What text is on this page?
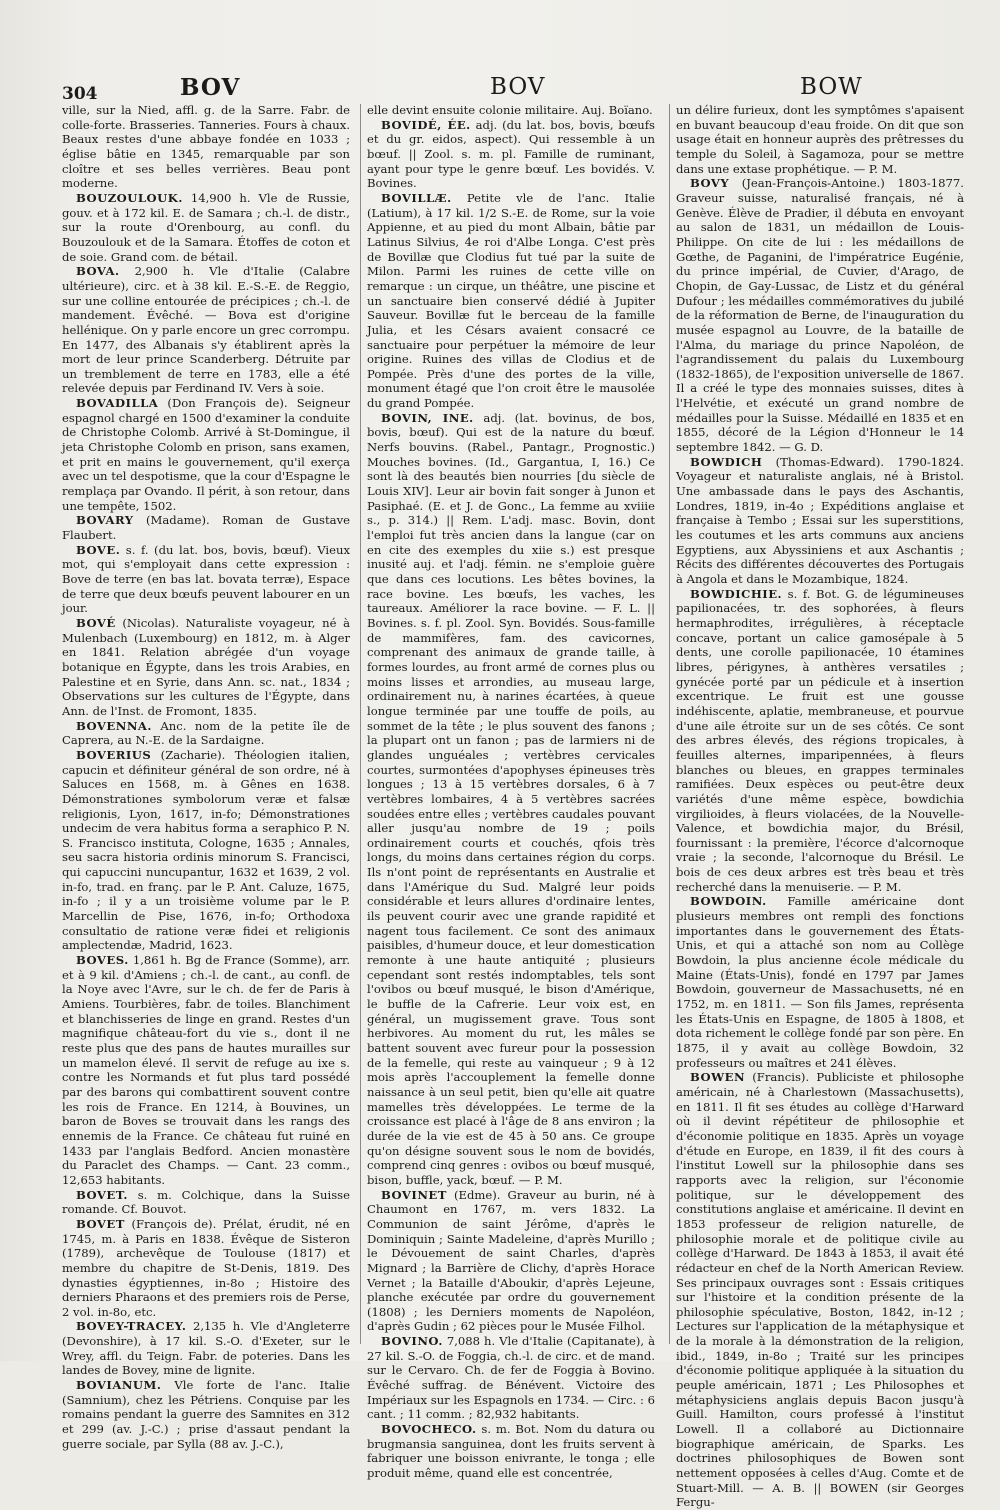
304	BOV	BOV	BOW

ville, sur la Nied, affl. g. de la Sarre. Fabr. de colle-forte. Brasseries. Tanneries. Fours à chaux. Beaux restes d'une abbaye fondée en 1033 ; église bâtie en 1345, remarquable par son cloître et ses belles verrières. Beau pont moderne.

BOUZOULOUK. 14,900 h. Vle de Russie, gouv. et à 172 kil. E. de Samara ; ch.-l. de distr., sur la route d'Orenbourg, au confl. du Bouzoulouk et de la Samara. Étoffes de coton et de soie. Grand com. de bétail.

BOVA. 2,900 h. Vle d'Italie (Calabre ultérieure), circ. et à 38 kil. E.-S.-E. de Reggio, sur une colline entourée de précipices ; ch.-l. de mandement. Évêché. — Bova est d'origine hellénique. On y parle encore un grec corrompu. En 1477, des Albanais s'y établirent après la mort de leur prince Scanderberg. Détruite par un tremblement de terre en 1783, elle a été relevée depuis par Ferdinand IV. Vers à soie.

BOVADILLA (Don François de). Seigneur espagnol chargé en 1500 d'examiner la conduite de Christophe Colomb. Arrivé à St-Domingue, il jeta Christophe Colomb en prison, sans examen, et prit en mains le gouvernement, qu'il exerça avec un tel despotisme, que la cour d'Espagne le remplaça par Ovando. Il périt, à son retour, dans une tempête, 1502.

BOVARY (Madame). Roman de Gustave Flaubert.

BOVE. s. f. (du lat. bos, bovis, bœuf). Vieux mot, qui s'employait dans cette expression : Bove de terre (en bas lat. bovata terræ), Espace de terre que deux bœufs peuvent labourer en un jour.

BOVÉ (Nicolas). Naturaliste voyageur, né à Mulenbach (Luxembourg) en 1812, m. à Alger en 1841. Relation abrégée d'un voyage botanique en Égypte, dans les trois Arabies, en Palestine et en Syrie, dans Ann. sc. nat., 1834 ; Observations sur les cultures de l'Égypte, dans Ann. de l'Inst. de Fromont, 1835.

BOVENNA. Anc. nom de la petite île de Caprera, au N.-E. de la Sardaigne.

BOVERIUS (Zacharie). Théologien italien, capucin et définiteur général de son ordre, né à Saluces en 1568, m. à Gênes en 1638. Démonstrationes symbolorum veræ et falsæ religionis, Lyon, 1617, in-fo; Démonstrationes undecim de vera habitus forma a seraphico P. N. S. Francisco instituta, Cologne, 1635 ; Annales, seu sacra historia ordinis minorum S. Francisci, qui capuccini nuncupantur, 1632 et 1639, 2 vol. in-fo, trad. en franç. par le P. Ant. Caluze, 1675, in-fo ; il y a un troisième volume par le P. Marcellin de Pise, 1676, in-fo; Orthodoxa consultatio de ratione veræ fidei et religionis amplectendæ, Madrid, 1623.

BOVES. 1,861 h. Bg de France (Somme), arr. et à 9 kil. d'Amiens ; ch.-l. de cant., au confl. de la Noye avec l'Avre, sur le ch. de fer de Paris à Amiens. Tourbières, fabr. de toiles. Blanchiment et blanchisseries de linge en grand. Restes d'un magnifique château-fort du vie s., dont il ne reste plus que des pans de hautes murailles sur un mamelon élevé. Il servit de refuge au ixe s. contre les Normands et fut plus tard possédé par des barons qui combattirent souvent contre les rois de France. En 1214, à Bouvines, un baron de Boves se trouvait dans les rangs des ennemis de la France. Ce château fut ruiné en 1433 par l'anglais Bedford. Ancien monastère du Paraclet des Champs. — Cant. 23 comm., 12,653 habitants.

BOVET. s. m. Colchique, dans la Suisse romande. Cf. Bouvot.

BOVET (François de). Prélat, érudit, né en 1745, m. à Paris en 1838. Évêque de Sisteron (1789), archevêque de Toulouse (1817) et membre du chapitre de St-Denis, 1819. Des dynasties égyptiennes, in-8o ; Histoire des derniers Pharaons et des premiers rois de Perse, 2 vol. in-8o, etc.

BOVEY-TRACEY. 2,135 h. Vle d'Angleterre (Devonshire), à 17 kil. S.-O. d'Exeter, sur le Wrey, affl. du Teign. Fabr. de poteries. Dans les landes de Bovey, mine de lignite.

BOVIANUM. Vle forte de l'anc. Italie (Samnium), chez les Pétriens. Conquise par les romains pendant la guerre des Samnites en 312 et 299 (av. J.-C.) ; prise d'assaut pendant la guerre sociale, par Sylla (88 av. J.-C.),

elle devint ensuite colonie militaire. Auj. Boïano.

BOVIDÉ, ÉE. adj. (du lat. bos, bovis, bœufs et du gr. eidos, aspect). Qui ressemble à un bœuf. || Zool. s. m. pl. Famille de ruminant, ayant pour type le genre bœuf. Les bovidés. V. Bovines.

BOVILLÆ. Petite vle de l'anc. Italie (Latium), à 17 kil. 1/2 S.-E. de Rome, sur la voie Appienne, et au pied du mont Albain, bâtie par Latinus Silvius, 4e roi d'Albe Longa. C'est près de Bovillæ que Clodius fut tué par la suite de Milon. Parmi les ruines de cette ville on remarque : un cirque, un théâtre, une piscine et un sanctuaire bien conservé dédié à Jupiter Sauveur. Bovillæ fut le berceau de la famille Julia, et les Césars avaient consacré ce sanctuaire pour perpétuer la mémoire de leur origine. Ruines des villas de Clodius et de Pompée. Près d'une des portes de la ville, monument étagé que l'on croit être le mausolée du grand Pompée.

BOVIN, INE. adj. (lat. bovinus, de bos, bovis, bœuf). Qui est de la nature du bœuf. Nerfs bouvins. (Rabel., Pantagr., Prognostic.) Mouches bovines. (Id., Gargantua, I, 16.) Ce sont là des beautés bien nourries [du siècle de Louis XIV]. Leur air bovin fait songer à Junon et Pasiphaé. (E. et J. de Gonc., La femme au xviiie s., p. 314.) || Rem. L'adj. masc. Bovin, dont l'emploi fut très ancien dans la langue (car on en cite des exemples du xiie s.) est presque inusité auj. et l'adj. fémin. ne s'emploie guère que dans ces locutions. Les bêtes bovines, la race bovine. Les bœufs, les vaches, les taureaux. Améliorer la race bovine. — F. L. || Bovines. s. f. pl. Zool. Syn. Bovidés. Sous-famille de mammifères, fam. des cavicornes, comprenant des animaux de grande taille, à formes lourdes, au front armé de cornes plus ou moins lisses et arrondies, au museau large, ordinairement nu, à narines écartées, à queue longue terminée par une touffe de poils, au sommet de la tête ; le plus souvent des fanons ; la plupart ont un fanon ; pas de larmiers ni de glandes unguéales ; vertèbres cervicales courtes, surmontées d'apophyses épineuses très longues ; 13 à 15 vertèbres dorsales, 6 à 7 vertèbres lombaires, 4 à 5 vertèbres sacrées soudées entre elles ; vertèbres caudales pouvant aller jusqu'au nombre de 19 ; poils ordinairement courts et couchés, qfois très longs, du moins dans certaines région du corps. Ils n'ont point de représentants en Australie et dans l'Amérique du Sud. Malgré leur poids considérable et leurs allures d'ordinaire lentes, ils peuvent courir avec une grande rapidité et nagent tous facilement. Ce sont des animaux paisibles, d'humeur douce, et leur domestication remonte à une haute antiquité ; plusieurs cependant sont restés indomptables, tels sont l'ovibos ou bœuf musqué, le bison d'Amérique, le buffle de la Cafrerie. Leur voix est, en général, un mugissement grave. Tous sont herbivores. Au moment du rut, les mâles se battent souvent avec fureur pour la possession de la femelle, qui reste au vainqueur ; 9 à 12 mois après l'accouplement la femelle donne naissance à un seul petit, bien qu'elle ait quatre mamelles très développées. Le terme de la croissance est placé à l'âge de 8 ans environ ; la durée de la vie est de 45 à 50 ans. Ce groupe qu'on désigne souvent sous le nom de bovidés, comprend cinq genres : ovibos ou bœuf musqué, bison, buffle, yack, bœuf. — P. M.

BOVINET (Edme). Graveur au burin, né à Chaumont en 1767, m. vers 1832. La Communion de saint Jérôme, d'après le Dominiquin ; Sainte Madeleine, d'après Murillo ; le Dévouement de saint Charles, d'après Mignard ; la Barrière de Clichy, d'après Horace Vernet ; la Bataille d'Aboukir, d'après Lejeune, planche exécutée par ordre du gouvernement (1808) ; les Derniers moments de Napoléon, d'après Gudin ; 62 pièces pour le Musée Filhol.

BOVINO. 7,088 h. Vle d'Italie (Capitanate), à 27 kil. S.-O. de Foggia, ch.-l. de circ. et de mand. sur le Cervaro. Ch. de fer de Foggia à Bovino. Évêché suffrag. de Bénévent. Victoire des Impériaux sur les Espagnols en 1734. — Circ. : 6 cant. ; 11 comm. ; 82,932 habitants.

BOVOCHECO. s. m. Bot. Nom du datura ou brugmansia sanguinea, dont les fruits servent à fabriquer une boisson enivrante, le tonga ; elle produit même, quand elle est concentrée,

un délire furieux, dont les symptômes s'apaisent en buvant beaucoup d'eau froide. On dit que son usage était en honneur auprès des prêtresses du temple du Soleil, à Sagamoza, pour se mettre dans une extase prophétique. — P. M.

BOVY (Jean-François-Antoine.) 1803-1877. Graveur suisse, naturalisé français, né à Genève. Élève de Pradier, il débuta en envoyant au salon de 1831, un médaillon de Louis-Philippe. On cite de lui : les médaillons de Gœthe, de Paganini, de l'impératrice Eugénie, du prince impérial, de Cuvier, d'Arago, de Chopin, de Gay-Lussac, de Listz et du général Dufour ; les médailles commémoratives du jubilé de la réformation de Berne, de l'inauguration du musée espagnol au Louvre, de la bataille de l'Alma, du mariage du prince Napoléon, de l'agrandissement du palais du Luxembourg (1832-1865), de l'exposition universelle de 1867. Il a créé le type des monnaies suisses, dites à l'Helvétie, et exécuté un grand nombre de médailles pour la Suisse. Médaillé en 1835 et en 1855, décoré de la Légion d'Honneur le 14 septembre 1842. — G. D.

BOWDICH (Thomas-Edward). 1790-1824. Voyageur et naturaliste anglais, né à Bristol. Une ambassade dans le pays des Aschantis, Londres, 1819, in-4o ; Expéditions anglaise et française à Tembo ; Essai sur les superstitions, les coutumes et les arts communs aux anciens Egyptiens, aux Abyssiniens et aux Aschantis ; Récits des différentes découvertes des Portugais à Angola et dans le Mozambique, 1824.

BOWDICHIE. s. f. Bot. G. de légumineuses papilionacées, tr. des sophorées, à fleurs hermaphrodites, irrégulières, à réceptacle concave, portant un calice gamosépale à 5 dents, une corolle papilionacée, 10 étamines libres, périgynes, à anthères versatiles ; gynécée porté par un pédicule et à insertion excentrique. Le fruit est une gousse indéhiscente, aplatie, membraneuse, et pourvue d'une aile étroite sur un de ses côtés. Ce sont des arbres élevés, des régions tropicales, à feuilles alternes, imparipennées, à fleurs blanches ou bleues, en grappes terminales ramifiées. Deux espèces ou peut-être deux variétés d'une même espèce, bowdichia virgilioides, à fleurs violacées, de la Nouvelle-Valence, et bowdichia major, du Brésil, fournissant : la première, l'écorce d'alcornoque vraie ; la seconde, l'alcornoque du Brésil. Le bois de ces deux arbres est très beau et très recherché dans la menuiserie. — P. M.

BOWDOIN. Famille américaine dont plusieurs membres ont rempli des fonctions importantes dans le gouvernement des États-Unis, et qui a attaché son nom au Collège Bowdoin, la plus ancienne école médicale du Maine (États-Unis), fondé en 1797 par James Bowdoin, gouverneur de Massachusetts, né en 1752, m. en 1811. — Son fils James, représenta les États-Unis en Espagne, de 1805 à 1808, et dota richement le collège fondé par son père. En 1875, il y avait au collège Bowdoin, 32 professeurs ou maîtres et 241 élèves.

BOWEN (Francis). Publiciste et philosophe américain, né à Charlestown (Massachusetts), en 1811. Il fit ses études au collège d'Harward où il devint répétiteur de philosophie et d'économie politique en 1835. Après un voyage d'étude en Europe, en 1839, il fit des cours à l'institut Lowell sur la philosophie dans ses rapports avec la religion, sur l'économie politique, sur le développement des constitutions anglaise et américaine. Il devint en 1853 professeur de religion naturelle, de philosophie morale et de politique civile au collège d'Harward. De 1843 à 1853, il avait été rédacteur en chef de la North American Review. Ses principaux ouvrages sont : Essais critiques sur l'histoire et la condition présente de la philosophie spéculative, Boston, 1842, in-12 ; Lectures sur l'application de la métaphysique et de la morale à la démonstration de la religion, ibid., 1849, in-8o ; Traité sur les principes d'économie politique appliquée à la situation du peuple américain, 1871 ; Les Philosophes et métaphysiciens anglais depuis Bacon jusqu'à Guill. Hamilton, cours professé à l'institut Lowell. Il a collaboré au Dictionnaire biographique américain, de Sparks. Les doctrines philosophiques de Bowen sont nettement opposées à celles d'Aug. Comte et de Stuart-Mill. — A. B. || BOWEN (sir Georges Fergu-
